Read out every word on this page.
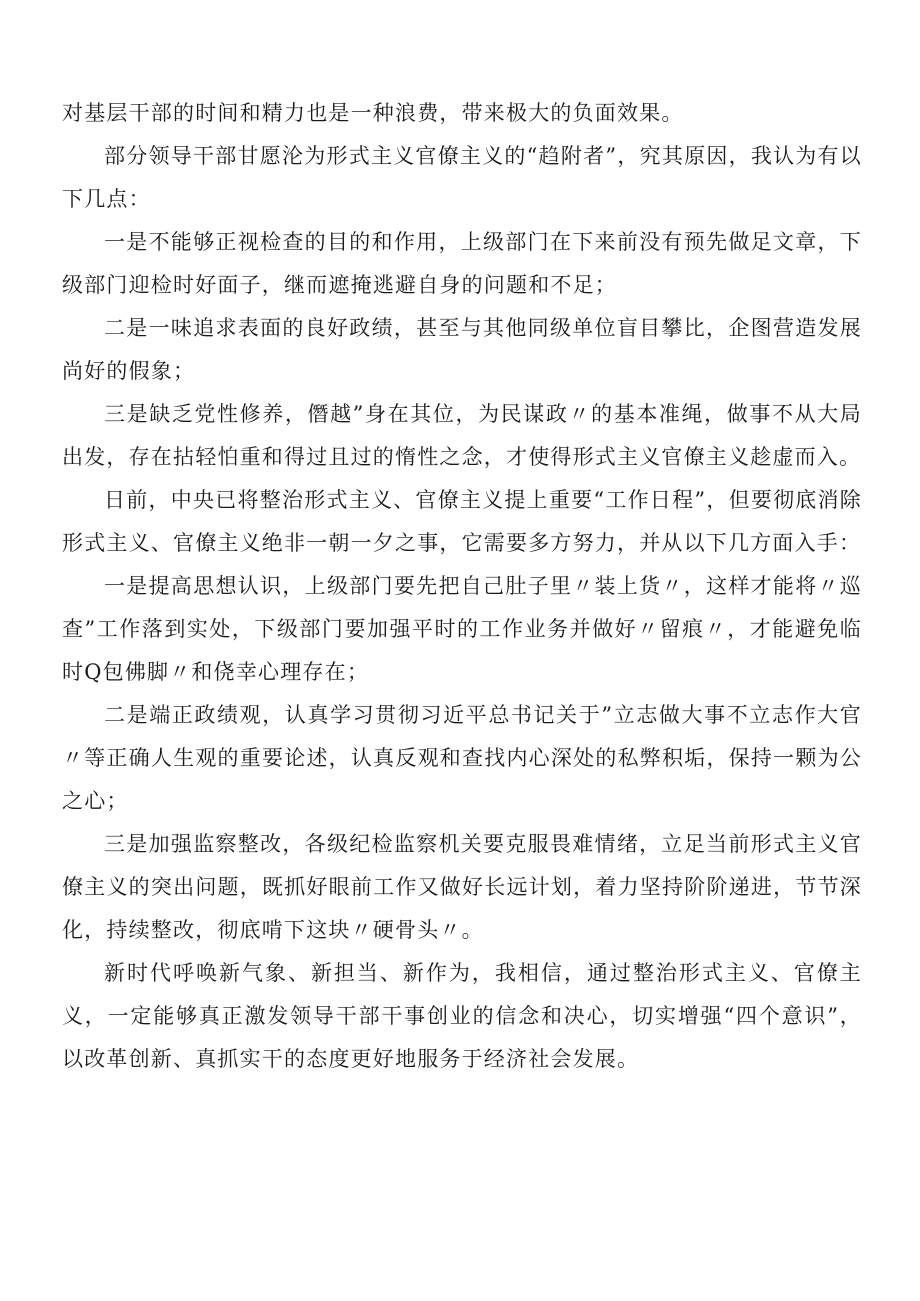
对基层干部的时间和精力也是一种浪费，带来极大的负面效果。

部分领导干部甘愿沦为形式主义官僚主义的“趋附者”，究其原因，我认为有以下几点：

一是不能够正视检查的目的和作用，上级部门在下来前没有预先做足文章，下级部门迎检时好面子，继而遮掩逃避自身的问题和不足；

二是一味追求表面的良好政绩，甚至与其他同级单位盲目攀比，企图营造发展尚好的假象；

三是缺乏党性修养，僭越”身在其位，为民谋政〃的基本准绳，做事不从大局出发，存在拈轻怕重和得过且过的惰性之念，才使得形式主义官僚主义趁虚而入。

日前，中央已将整治形式主义、官僚主义提上重要“工作日程”，但要彻底消除形式主义、官僚主义绝非一朝一夕之事，它需要多方努力，并从以下几方面入手：

一是提高思想认识，上级部门要先把自己肚子里〃装上货〃，这样才能将〃巡查”工作落到实处，下级部门要加强平时的工作业务并做好〃留痕〃，才能避免临时Q包佛脚〃和侥幸心理存在；

二是端正政绩观，认真学习贯彻习近平总书记关于”立志做大事不立志作大官〃等正确人生观的重要论述，认真反观和查找内心深处的私弊积垢，保持一颗为公之心；

三是加强监察整改，各级纪检监察机关要克服畏难情绪，立足当前形式主义官僚主义的突出问题，既抓好眼前工作又做好长远计划，着力坚持阶阶递进，节节深化，持续整改，彻底啃下这块〃硬骨头〃。

新时代呼唤新气象、新担当、新作为，我相信，通过整治形式主义、官僚主义，一定能够真正激发领导干部干事创业的信念和决心，切实增强“四个意识”，以改革创新、真抓实干的态度更好地服务于经济社会发展。
